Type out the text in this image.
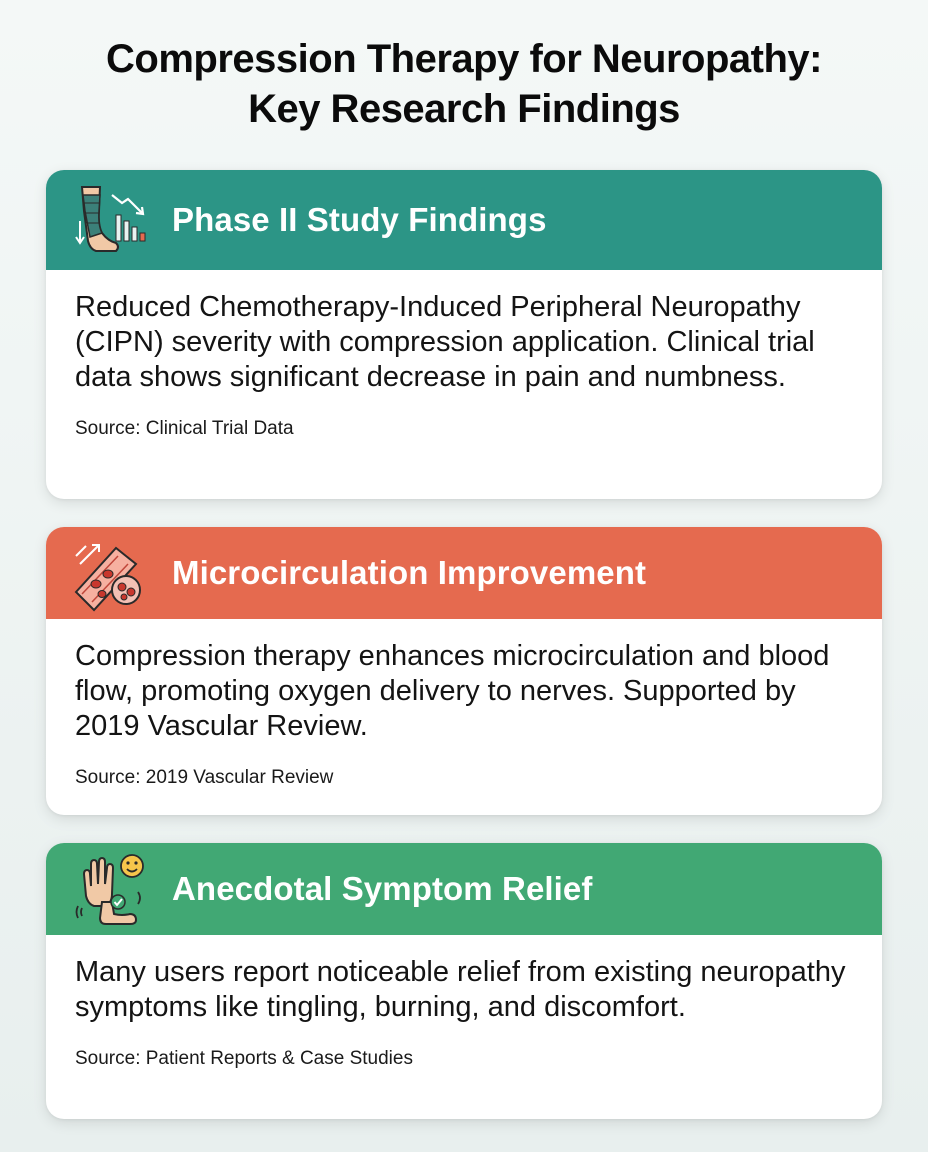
Compression Therapy for Neuropathy:
Key Research Findings
Phase II Study Findings

Reduced Chemotherapy-Induced Peripheral Neuropathy (CIPN) severity with compression application. Clinical trial data shows significant decrease in pain and numbness.

Source: Clinical Trial Data

Microcirculation Improvement

Compression therapy enhances microcirculation and blood flow, promoting oxygen delivery to nerves. Supported by 2019 Vascular Review.

Source: 2019 Vascular Review

Anecdotal Symptom Relief

Many users report noticeable relief from existing neuropathy symptoms like tingling, burning, and discomfort.

Source: Patient Reports & Case Studies
